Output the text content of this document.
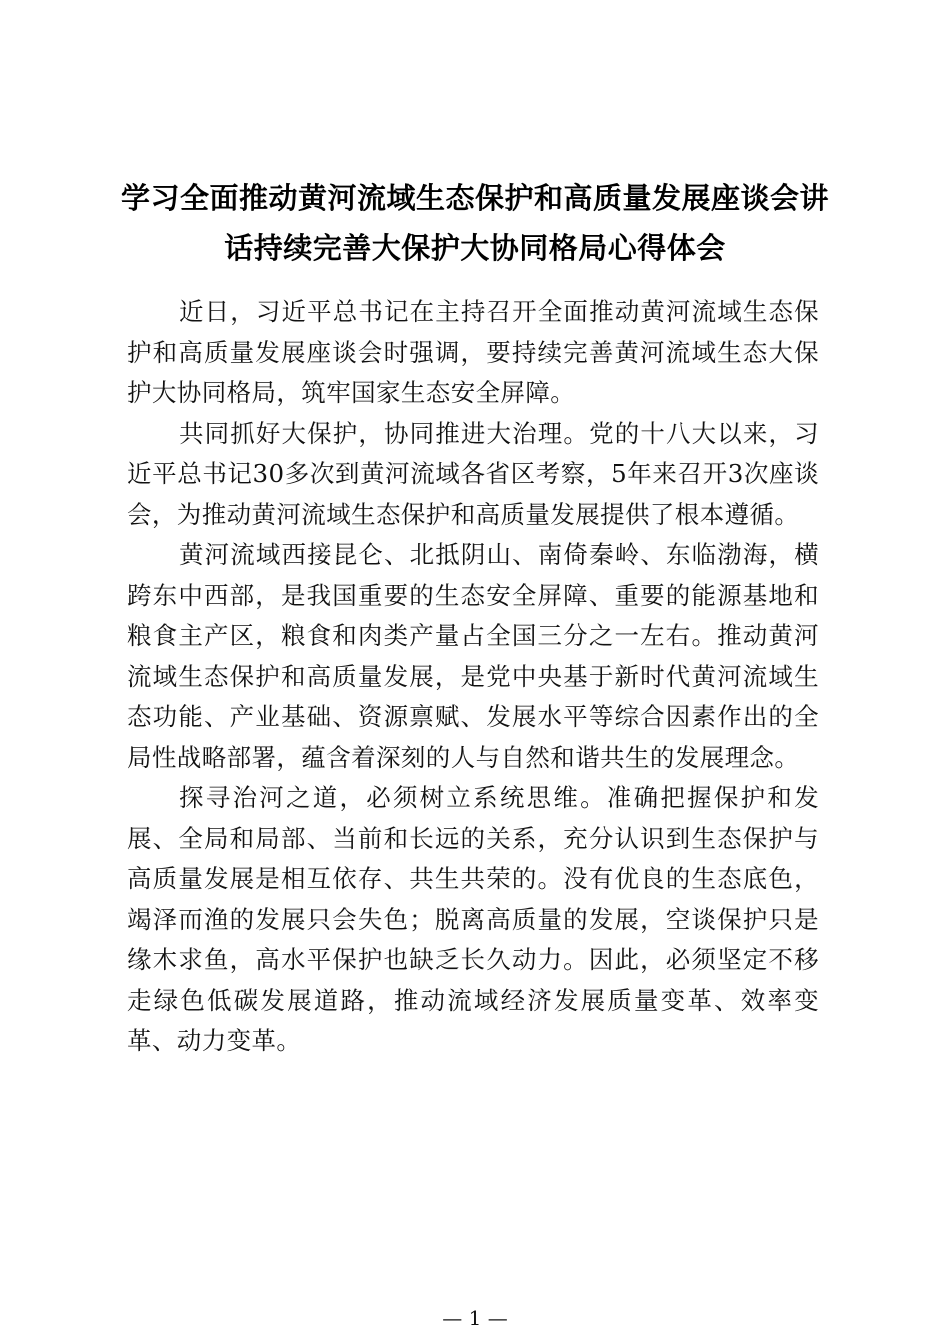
学习全面推动黄河流域生态保护和高质量发展座谈会讲
话持续完善大保护大协同格局心得体会

近日，习近平总书记在主持召开全面推动黄河流域生态保护和高质量发展座谈会时强调，要持续完善黄河流域生态大保护大协同格局，筑牢国家生态安全屏障。

共同抓好大保护，协同推进大治理。党的十八大以来，习近平总书记30多次到黄河流域各省区考察，5年来召开3次座谈会，为推动黄河流域生态保护和高质量发展提供了根本遵循。

黄河流域西接昆仑、北抵阴山、南倚秦岭、东临渤海，横跨东中西部，是我国重要的生态安全屏障、重要的能源基地和粮食主产区，粮食和肉类产量占全国三分之一左右。推动黄河流域生态保护和高质量发展，是党中央基于新时代黄河流域生态功能、产业基础、资源禀赋、发展水平等综合因素作出的全局性战略部署，蕴含着深刻的人与自然和谐共生的发展理念。

探寻治河之道，必须树立系统思维。准确把握保护和发展、全局和局部、当前和长远的关系，充分认识到生态保护与高质量发展是相互依存、共生共荣的。没有优良的生态底色，竭泽而渔的发展只会失色；脱离高质量的发展，空谈保护只是缘木求鱼，高水平保护也缺乏长久动力。因此，必须坚定不移走绿色低碳发展道路，推动流域经济发展质量变革、效率变革、动力变革。

— 1 —
